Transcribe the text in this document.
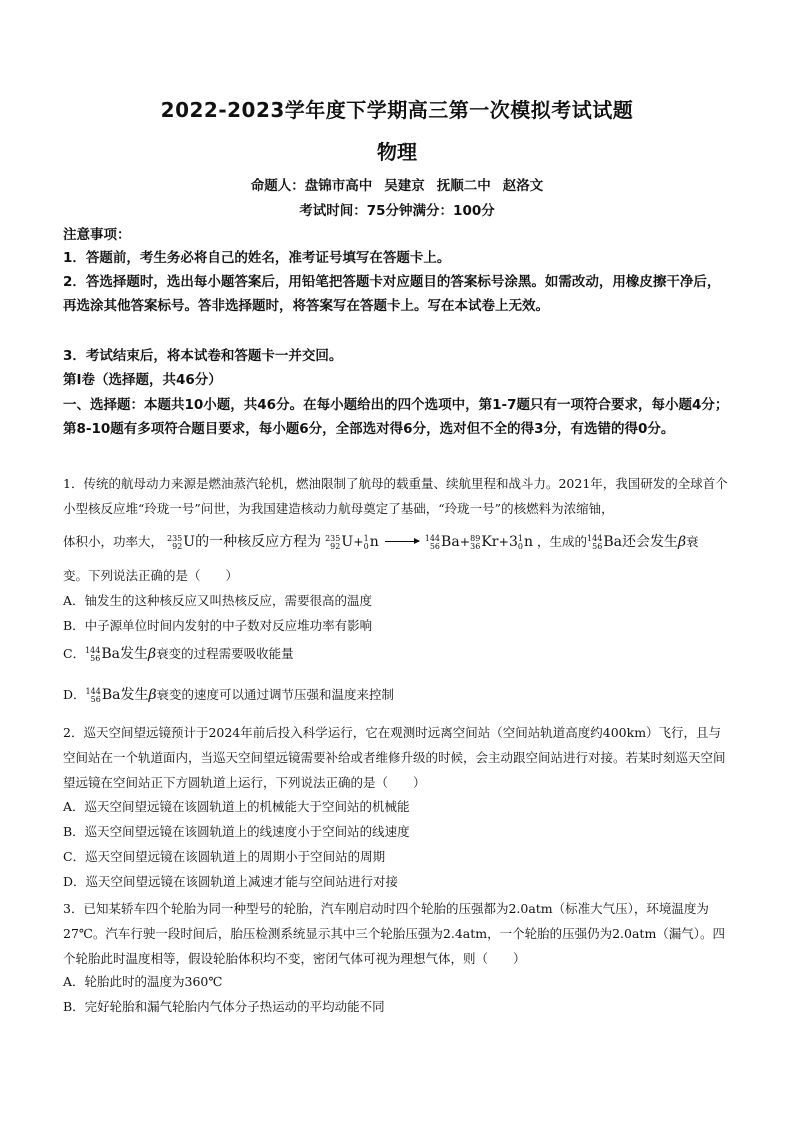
2022-2023学年度下学期高三第一次模拟考试试题
物理
命题人：盘锦市高中 吴建京 抚顺二中 赵洛文
考试时间：75分钟满分：100分
注意事项：
1．答题前，考生务必将自己的姓名，准考证号填写在答题卡上。
2．答选择题时，选出每小题答案后，用铅笔把答题卡对应题目的答案标号涂黑。如需改动，用橡皮擦干净后，再选涂其他答案标号。答非选择题时，将答案写在答题卡上。写在本试卷上无效。
3．考试结束后，将本试卷和答题卡一并交回。
第Ⅰ卷（选择题，共46分）
一、选择题：本题共10小题，共46分。在每小题给出的四个选项中，第1-7题只有一项符合要求，每小题4分；第8-10题有多项符合题目要求，每小题6分，全部选对得6分，选对但不全的得3分，有选错的得0分。
1．传统的航母动力来源是燃油蒸汽轮机，燃油限制了航母的载重量、续航里程和战斗力。2021年，我国研发的全球首个小型核反应堆“玲珑一号”问世，为我国建造核动力航母奠定了基础，“玲珑一号”的核燃料为浓缩铀，
体积小，功率大， 235
92 U的一种核反应方程为 235
92 U+ 1
0 n	144
56 Ba+ 89
36 Kr+3 1
0 n ，生成的 144
56 Ba还会发生β衰
变。下列说法正确的是（　　）
A．铀发生的这种核反应又叫热核反应，需要很高的温度
B．中子源单位时间内发射的中子数对反应堆功率有影响
C． 144
56 Ba发生β衰变的过程需要吸收能量
D． 144
56 Ba发生β衰变的速度可以通过调节压强和温度来控制
2．巡天空间望远镜预计于2024年前后投入科学运行，它在观测时远离空间站（空间站轨道高度约400km）飞行，且与空间站在一个轨道面内，当巡天空间望远镜需要补给或者维修升级的时候，会主动跟空间站进行对接。若某时刻巡天空间望远镜在空间站正下方圆轨道上运行，下列说法正确的是（　　）
A．巡天空间望远镜在该圆轨道上的机械能大于空间站的机械能
B．巡天空间望远镜在该圆轨道上的线速度小于空间站的线速度
C．巡天空间望远镜在该圆轨道上的周期小于空间站的周期
D．巡天空间望远镜在该圆轨道上减速才能与空间站进行对接
3．已知某轿车四个轮胎为同一种型号的轮胎，汽车刚启动时四个轮胎的压强都为2.0atm（标准大气压），环境温度为27℃。汽车行驶一段时间后，胎压检测系统显示其中三个轮胎压强为2.4atm，一个轮胎的压强仍为2.0atm（漏气）。四个轮胎此时温度相等，假设轮胎体积均不变，密闭气体可视为理想气体，则（　　）
A．轮胎此时的温度为360℃
B．完好轮胎和漏气轮胎内气体分子热运动的平均动能不同
